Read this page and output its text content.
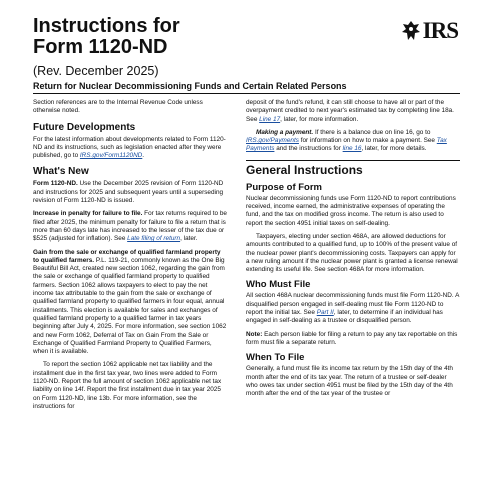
Instructions for
Form 1120-ND
(Rev. December 2025)
Return for Nuclear Decommissioning Funds and Certain Related Persons
IRS

Section references are to the Internal Revenue Code unless otherwise noted.

Future Developments

For the latest information about developments related to Form 1120-ND and its instructions, such as legislation enacted after they were published, go to IRS.gov/Form1120ND.

What's New

Form 1120-ND. Use the December 2025 revision of Form 1120-ND and instructions for 2025 and subsequent years until a superseding revision of Form 1120-ND is issued.

Increase in penalty for failure to file. For tax returns required to be filed after 2025, the minimum penalty for failure to file a return that is more than 60 days late has increased to the lesser of the tax due or $525 (adjusted for inflation). See Late filing of return, later.

Gain from the sale or exchange of qualified farmland property to qualified farmers. P.L. 119-21, commonly known as the One Big Beautiful Bill Act, created new section 1062, regarding the gain from the sale or exchange of qualified farmland property to qualified farmers. Section 1062 allows taxpayers to elect to pay the net income tax attributable to the gain from the sale or exchange of qualified farmland property to qualified farmers in four equal, annual installments. This election is available for sales and exchanges of qualified farmland property to a qualified farmer in tax years beginning after July 4, 2025. For more information, see section 1062 and new Form 1062, Deferral of Tax on Gain From the Sale or Exchange of Qualified Farmland Property to Qualified Farmers, when it is available.

To report the section 1062 applicable net tax liability and the installment due in the first tax year, two lines were added to Form 1120-ND. Report the full amount of section 1062 applicable net tax liability on line 14f. Report the first installment due in tax year 2025 on Form 1120-ND, line 13b. For more information, see the instructions for

deposit of the fund's refund, it can still choose to have all or part of the overpayment credited to next year's estimated tax by completing line 18a. See Line 17, later, for more information.

Making a payment. If there is a balance due on line 16, go to IRS.gov/Payments for information on how to make a payment. See Tax Payments and the instructions for line 16, later, for more details.

General Instructions
Purpose of Form

Nuclear decommissioning funds use Form 1120-ND to report contributions received, income earned, the administrative expenses of operating the fund, and the tax on modified gross income. The return is also used to report the section 4951 initial taxes on self-dealing.

Taxpayers, electing under section 468A, are allowed deductions for amounts contributed to a qualified fund, up to 100% of the present value of the nuclear power plant's decommissioning costs. Taxpayers can apply for a new ruling amount if the nuclear power plant is granted a license renewal extending its useful life. See section 468A for more information.

Who Must File

All section 468A nuclear decommissioning funds must file Form 1120-ND. A disqualified person engaged in self-dealing must file Form 1120-ND to report the initial tax. See Part II, later, to determine if an individual has engaged in self-dealing as a trustee or disqualified person.

Note: Each person liable for filing a return to pay any tax reportable on this form must file a separate return.

When To File

Generally, a fund must file its income tax return by the 15th day of the 4th month after the end of its tax year. The return of a trustee or self-dealer who owes tax under section 4951 must be filed by the 15th day of the 4th month after the end of the tax year of the trustee or
